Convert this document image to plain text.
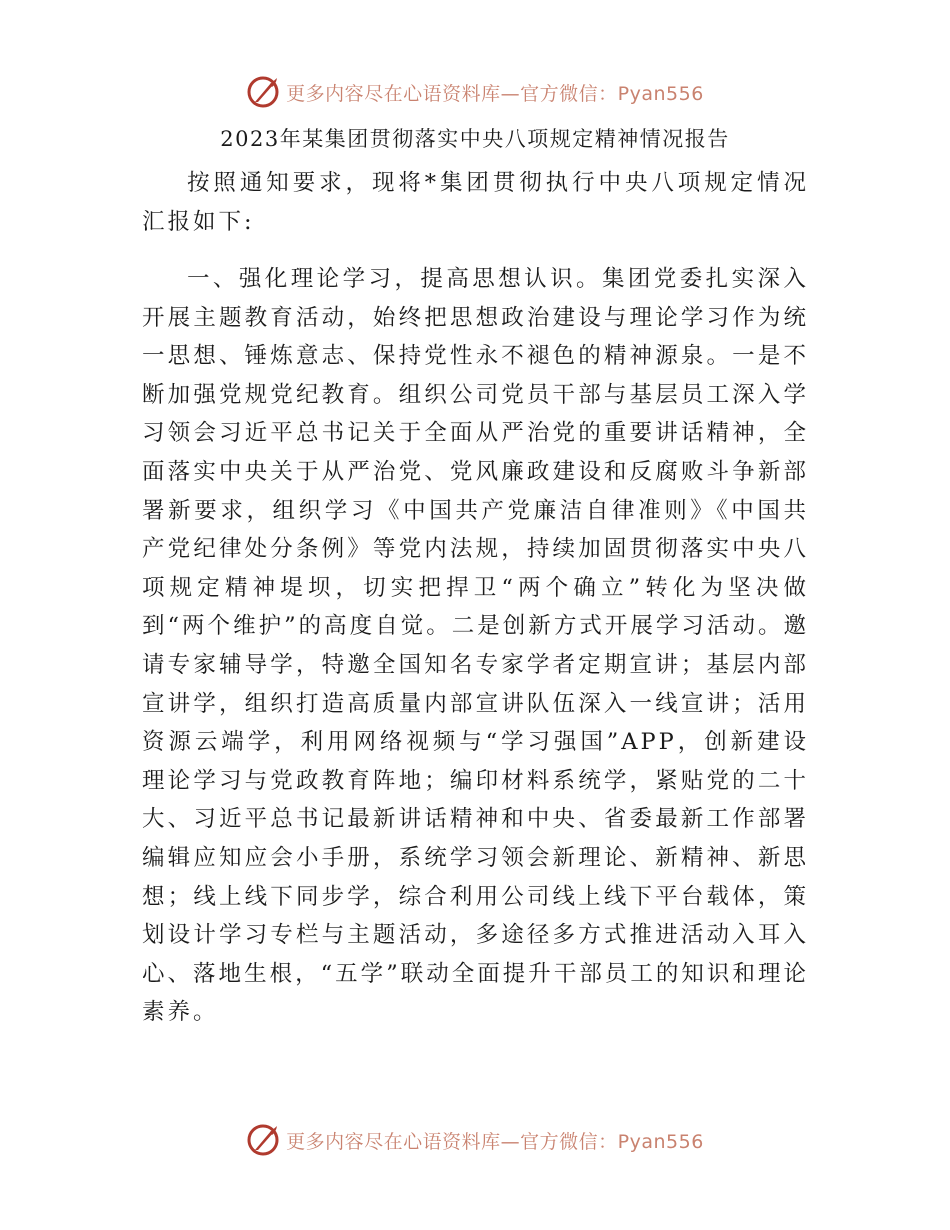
更多内容尽在心语资料库—官方微信：Pyan556
2023年某集团贯彻落实中央八项规定精神情况报告

按照通知要求，现将*集团贯彻执行中央八项规定情况汇报如下:

一、强化理论学习，提高思想认识。集团党委扎实深入开展主题教育活动，始终把思想政治建设与理论学习作为统一思想、锤炼意志、保持党性永不褪色的精神源泉。一是不断加强党规党纪教育。组织公司党员干部与基层员工深入学习领会习近平总书记关于全面从严治党的重要讲话精神，全面落实中央关于从严治党、党风廉政建设和反腐败斗争新部署新要求，组织学习《中国共产党廉洁自律准则》《中国共产党纪律处分条例》等党内法规，持续加固贯彻落实中央八项规定精神堤坝，切实把捍卫“两个确立”转化为坚决做到“两个维护”的高度自觉。二是创新方式开展学习活动。邀请专家辅导学，特邀全国知名专家学者定期宣讲；基层内部宣讲学，组织打造高质量内部宣讲队伍深入一线宣讲；活用资源云端学，利用网络视频与“学习强国”APP，创新建设理论学习与党政教育阵地；编印材料系统学，紧贴党的二十大、习近平总书记最新讲话精神和中央、省委最新工作部署编辑应知应会小手册，系统学习领会新理论、新精神、新思想；线上线下同步学，综合利用公司线上线下平台载体，策划设计学习专栏与主题活动，多途径多方式推进活动入耳入心、落地生根，“五学”联动全面提升干部员工的知识和理论素养。

更多内容尽在心语资料库—官方微信：Pyan556
